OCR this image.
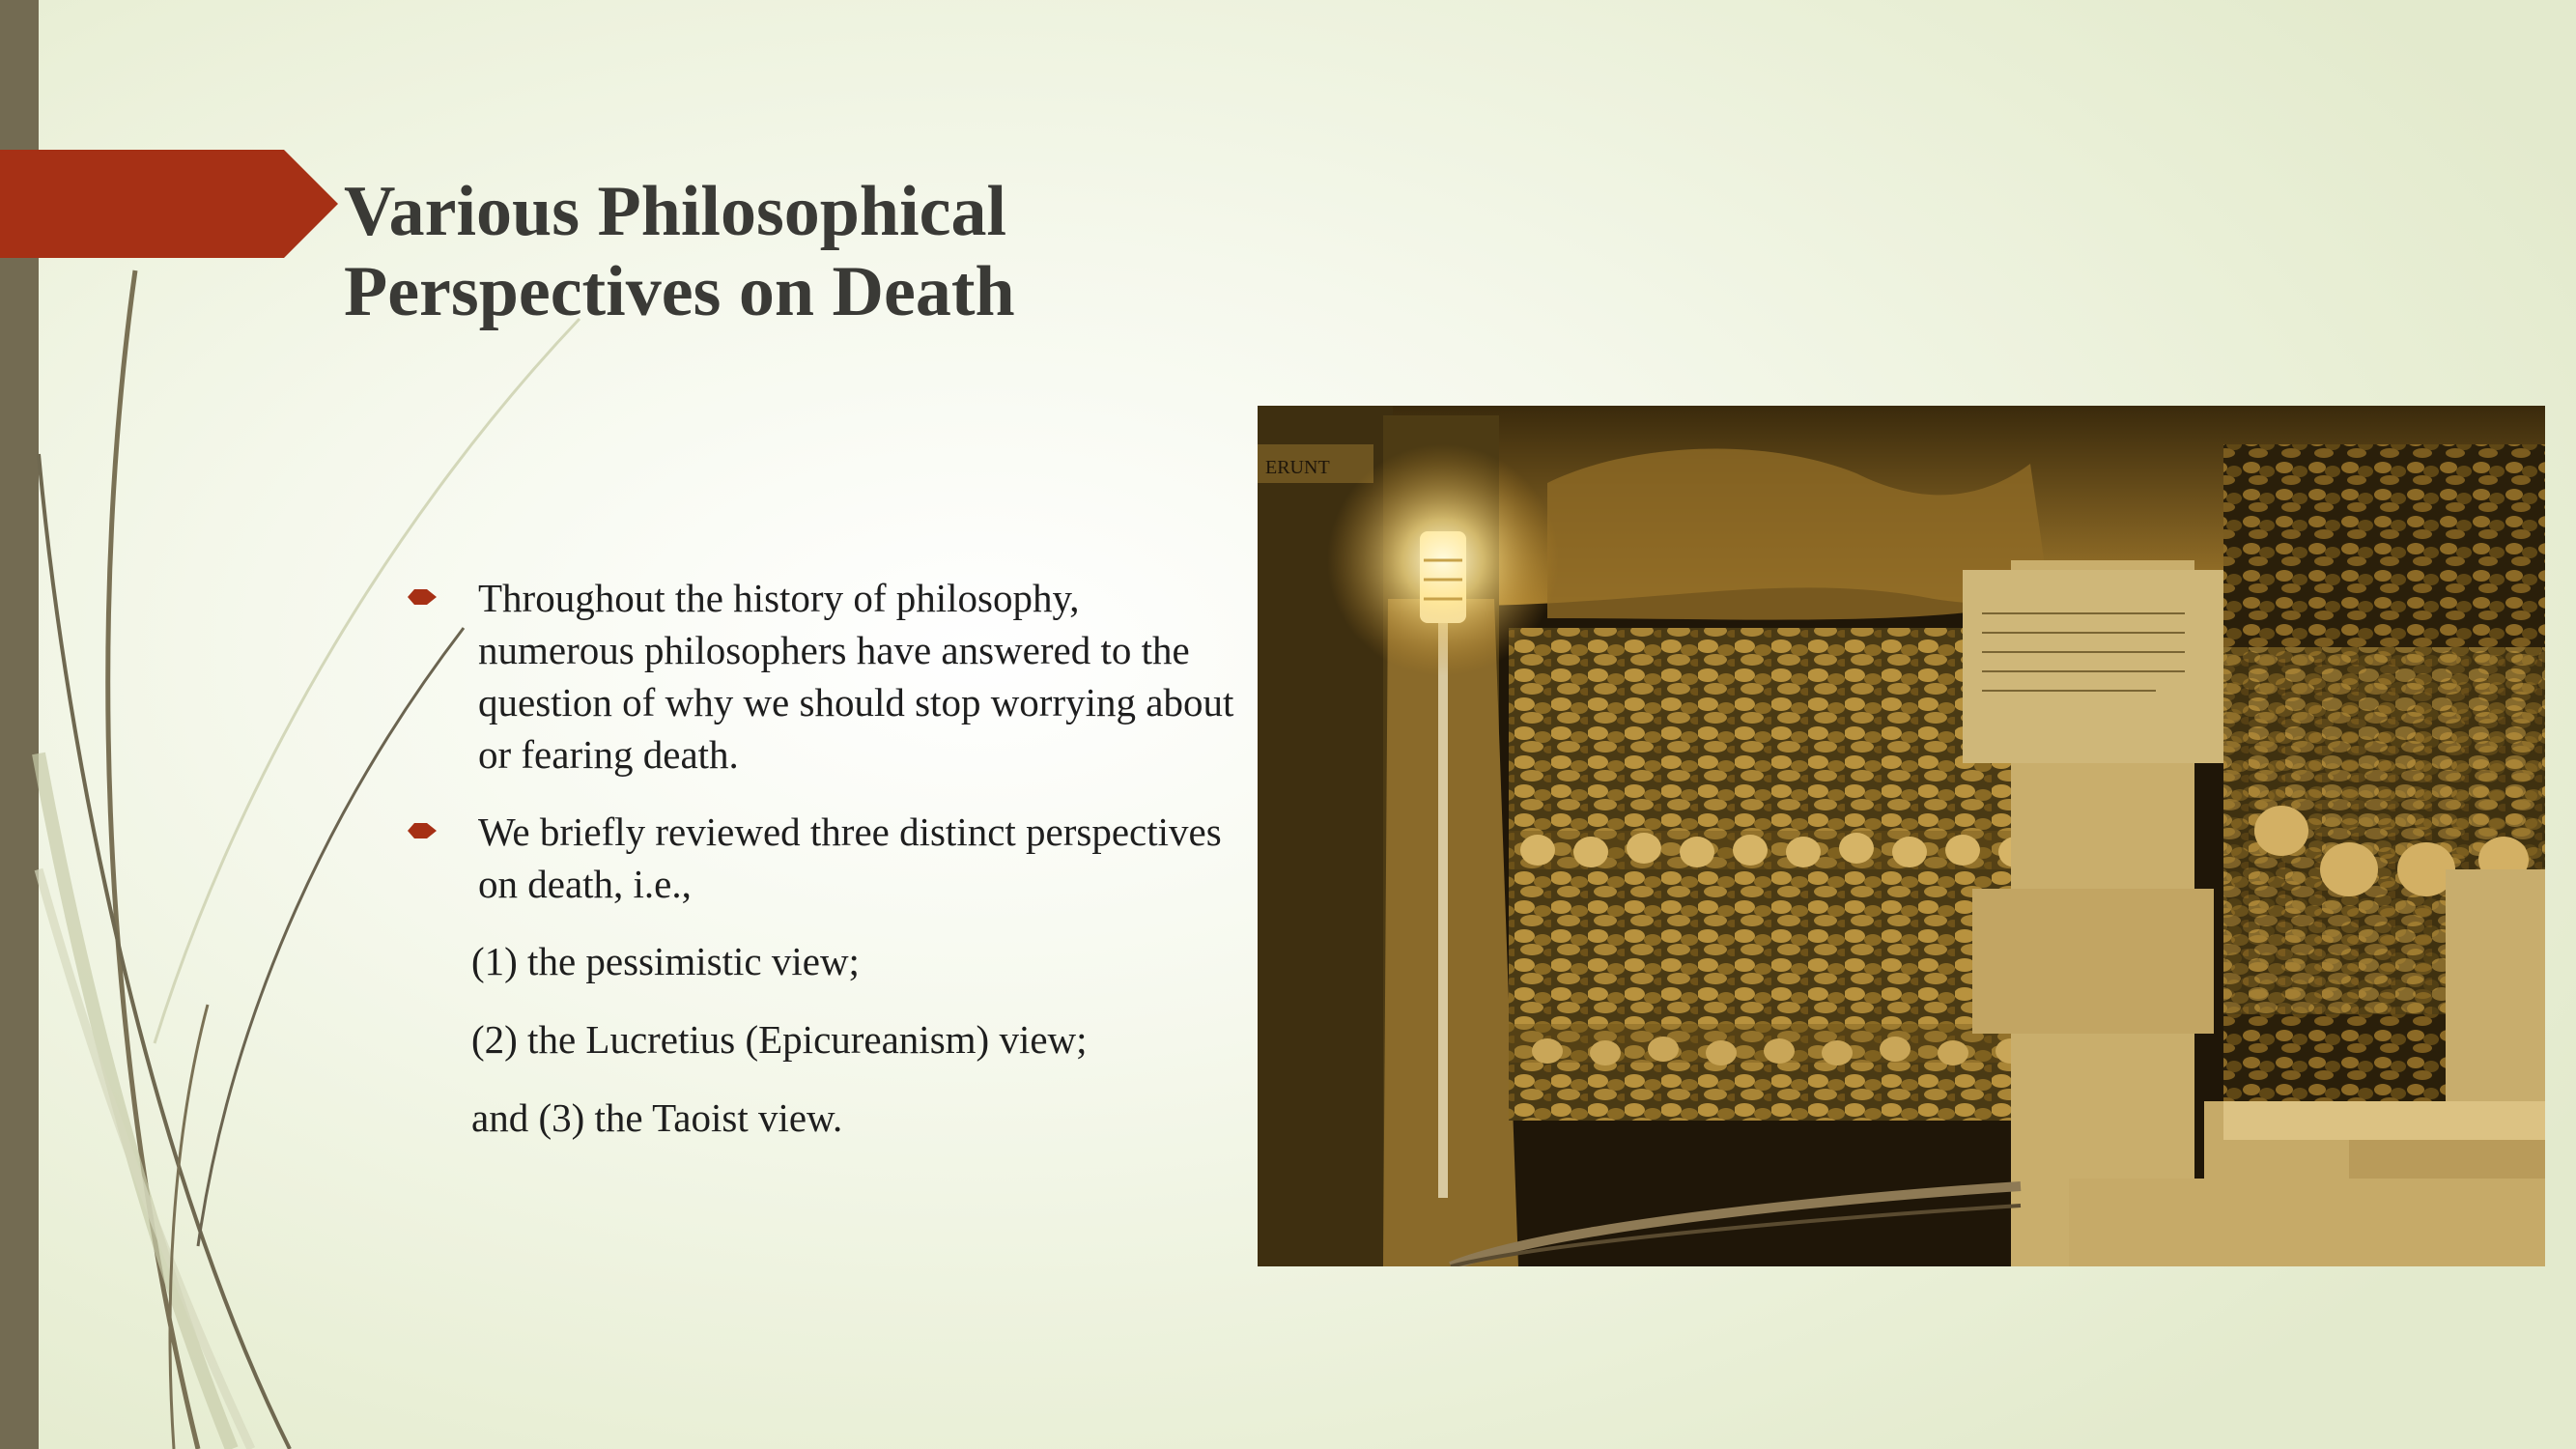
Various Philosophical Perspectives on Death
Throughout the history of philosophy, numerous philosophers have answered to the question of why we should stop worrying about or fearing death.
We briefly reviewed three distinct perspectives on death, i.e.,
(1) the pessimistic view;
(2) the Lucretius (Epicureanism) view;
and (3) the Taoist view.
ERUNT
